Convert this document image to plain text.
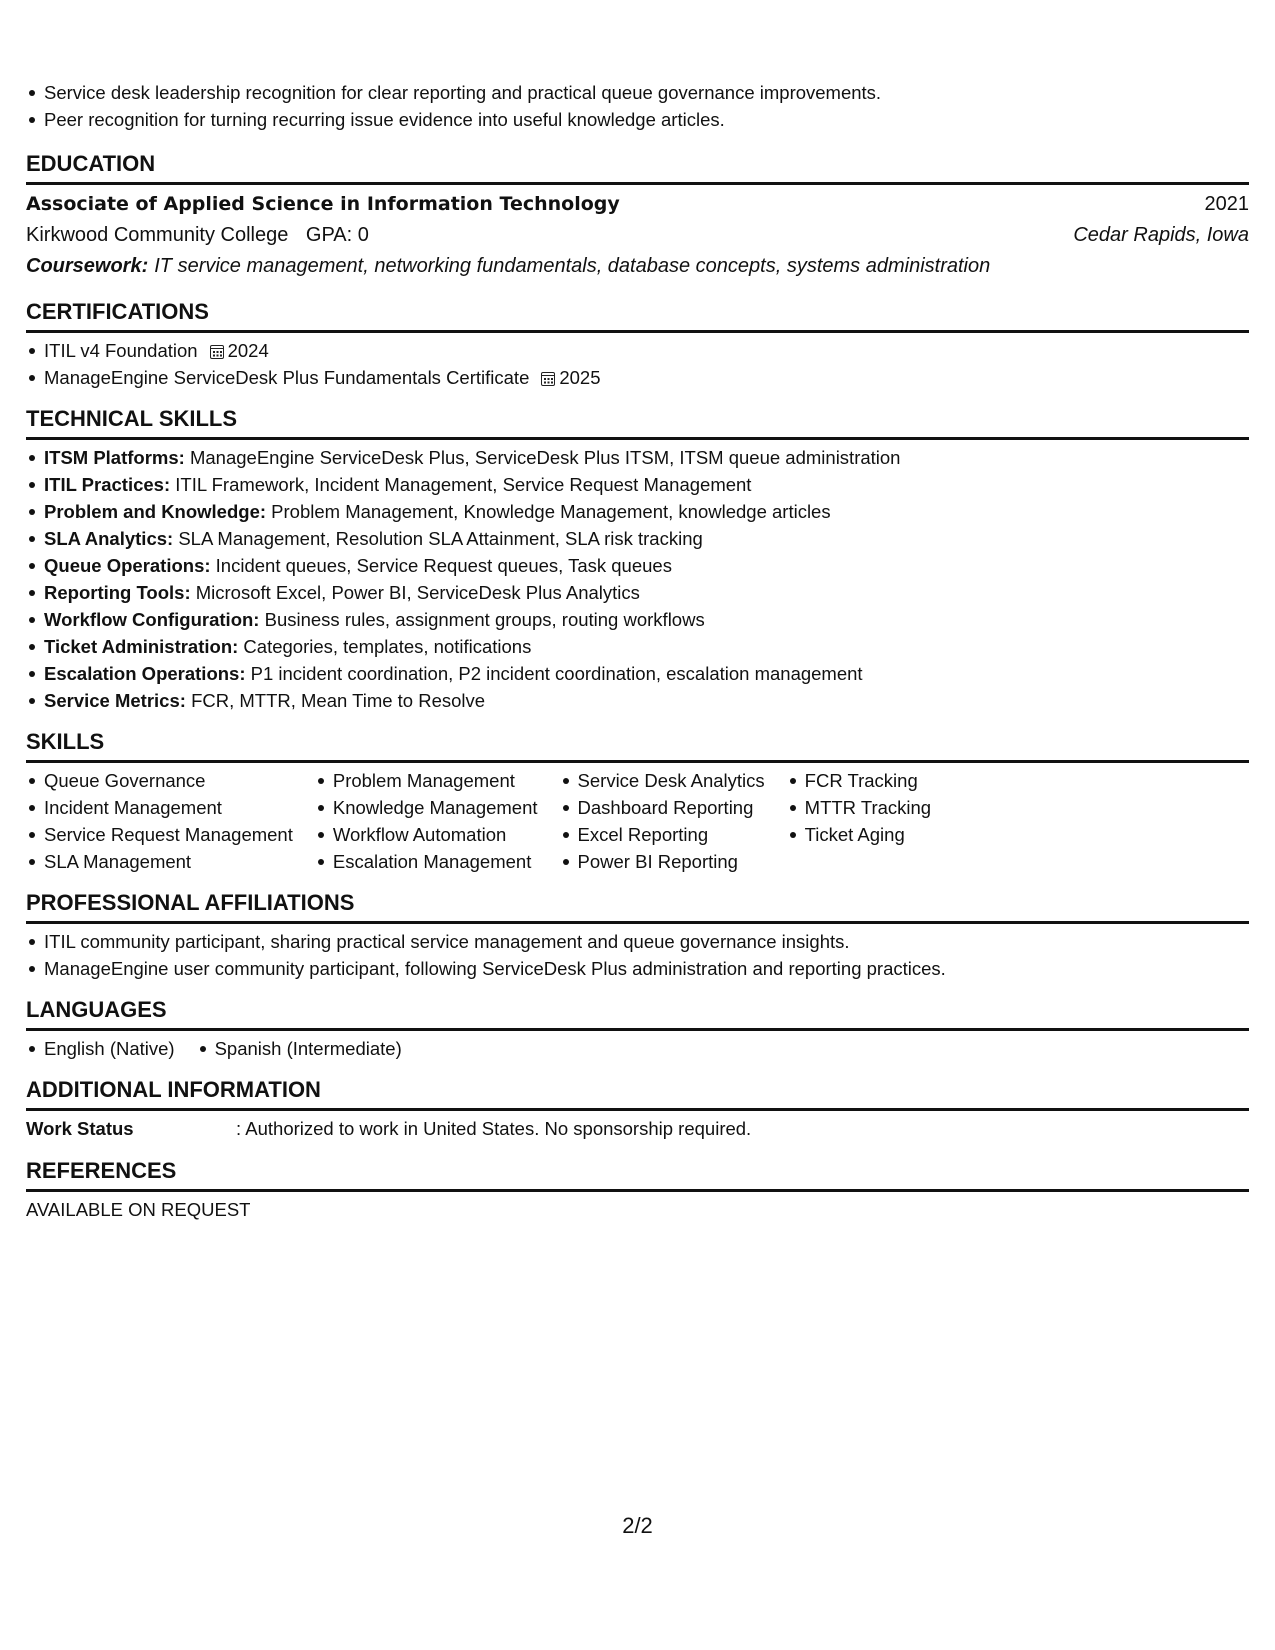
Service desk leadership recognition for clear reporting and practical queue governance improvements.
Peer recognition for turning recurring issue evidence into useful knowledge articles.
EDUCATION
Associate of Applied Science in Information Technology	2021
Kirkwood Community College GPA: 0	Cedar Rapids, Iowa
Coursework: IT service management, networking fundamentals, database concepts, systems administration
CERTIFICATIONS
ITIL v4 Foundation 2024
ManageEngine ServiceDesk Plus Fundamentals Certificate 2025
TECHNICAL SKILLS
ITSM Platforms: ManageEngine ServiceDesk Plus, ServiceDesk Plus ITSM, ITSM queue administration
ITIL Practices: ITIL Framework, Incident Management, Service Request Management
Problem and Knowledge: Problem Management, Knowledge Management, knowledge articles
SLA Analytics: SLA Management, Resolution SLA Attainment, SLA risk tracking
Queue Operations: Incident queues, Service Request queues, Task queues
Reporting Tools: Microsoft Excel, Power BI, ServiceDesk Plus Analytics
Workflow Configuration: Business rules, assignment groups, routing workflows
Ticket Administration: Categories, templates, notifications
Escalation Operations: P1 incident coordination, P2 incident coordination, escalation management
Service Metrics: FCR, MTTR, Mean Time to Resolve
SKILLS
Queue Governance
Incident Management
Service Request Management
SLA Management
Problem Management
Knowledge Management
Workflow Automation
Escalation Management
Service Desk Analytics
Dashboard Reporting
Excel Reporting
Power BI Reporting
FCR Tracking
MTTR Tracking
Ticket Aging
PROFESSIONAL AFFILIATIONS
ITIL community participant, sharing practical service management and queue governance insights.
ManageEngine user community participant, following ServiceDesk Plus administration and reporting practices.
LANGUAGES
English (Native)	Spanish (Intermediate)
ADDITIONAL INFORMATION
Work Status	: Authorized to work in United States. No sponsorship required.
REFERENCES
AVAILABLE ON REQUEST
2/2
